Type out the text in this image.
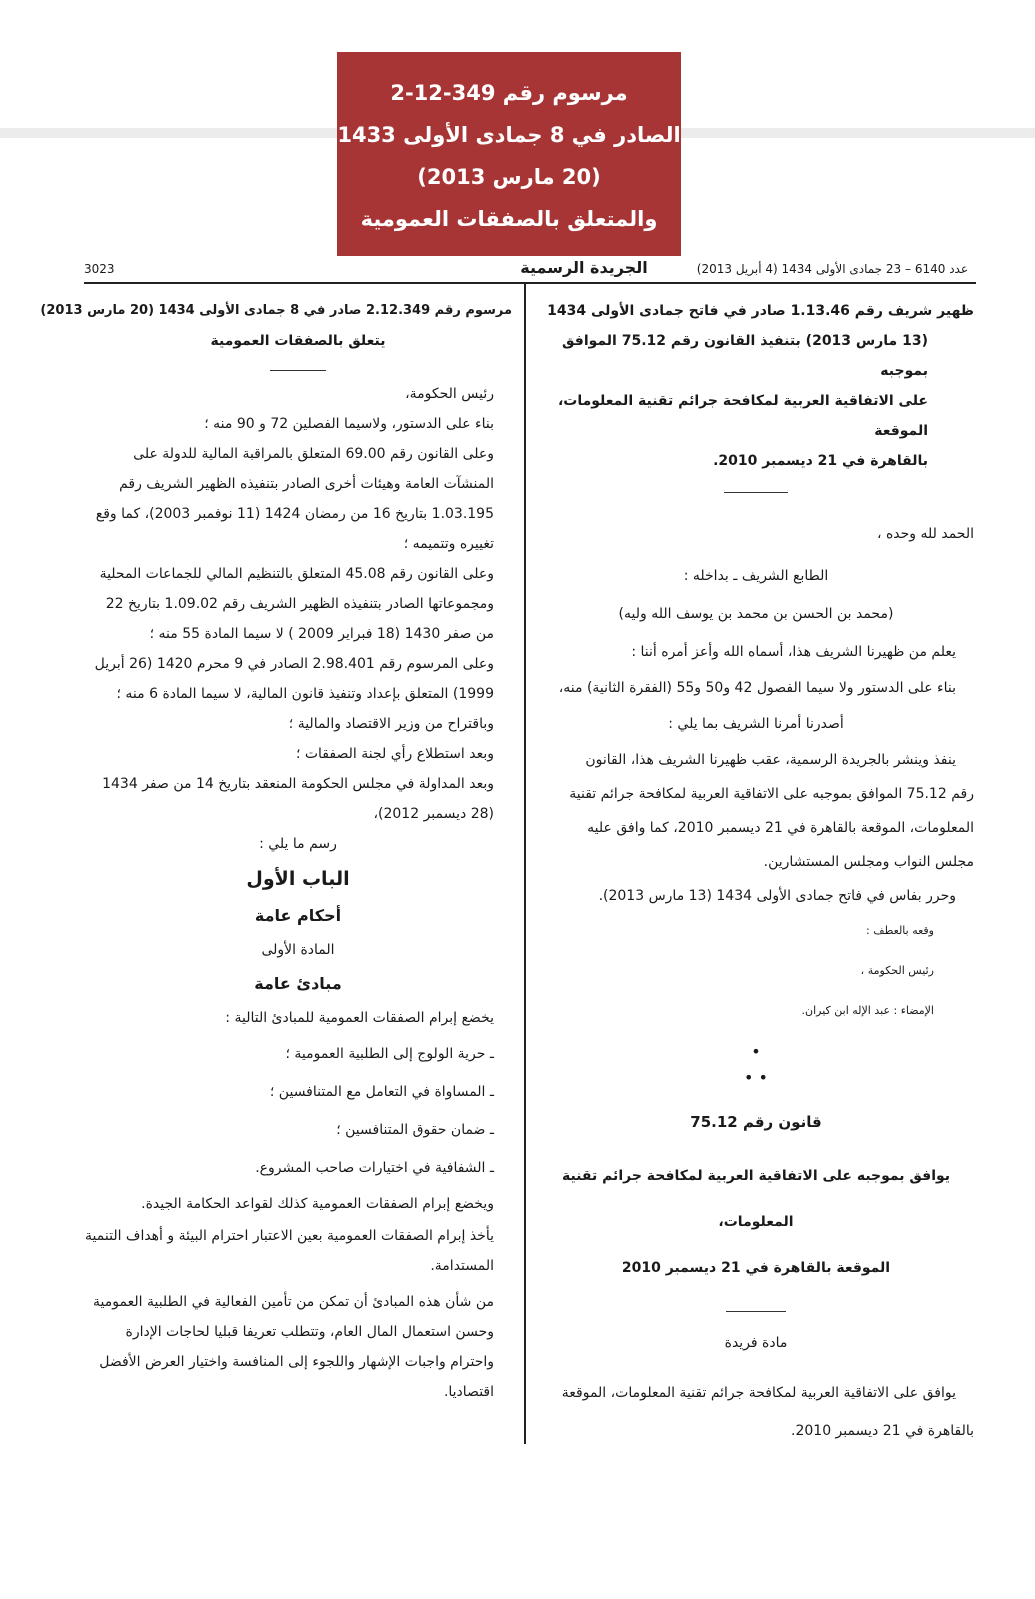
مرسوم رقم 349-12-2
الصادر في 8 جمادى الأولى 1433
(20 مارس 2013)
والمتعلق بالصفقات العمومية
3023	الجريدة الرسمية	عدد 6140 – 23 جمادى الأولى 1434 (4 أبريل 2013)

ظهير شريف رقم 1.13.46 صادر في فاتح جمادى الأولى 1434

(13 مارس 2013) بتنفيذ القانون رقم 75.12 الموافق بموجبه

على الاتفاقية العربية لمكافحة جرائم تقنية المعلومات، الموقعة

بالقاهرة في 21 ديسمبر 2010.

الحمد لله وحده ،

الطابع الشريف ـ بداخله :

(محمد بن الحسن بن محمد بن يوسف الله وليه)

يعلم من ظهيرنا الشريف هذا، أسماه الله وأعز أمره أننا :

بناء على الدستور ولا سيما الفصول 42 و50 و55 (الفقرة الثانية) منه،

أصدرنا أمرنا الشريف بما يلي :

ينفذ وينشر بالجريدة الرسمية، عقب ظهيرنا الشريف هذا، القانون

رقم 75.12 الموافق بموجبه على الاتفاقية العربية لمكافحة جرائم تقنية

المعلومات، الموقعة بالقاهرة في 21 ديسمبر 2010، كما وافق عليه

مجلس النواب ومجلس المستشارين.

وحرر بفاس في فاتح جمادى الأولى 1434 (13 مارس 2013).

وقعه بالعطف :

رئيس الحكومة ،

الإمضاء : عبد الإله ابن كيران.

•
• •

قانون رقم 75.12

يوافق بموجبه على الاتفاقية العربية لمكافحة جرائم تقنية المعلومات،

الموقعة بالقاهرة في 21 ديسمبر 2010

مادة فريدة

يوافق على الاتفاقية العربية لمكافحة جرائم تقنية المعلومات، الموقعة

بالقاهرة في 21 ديسمبر 2010.

مرسوم رقم 2.12.349 صادر في 8 جمادى الأولى 1434 (20 مارس 2013)

يتعلق بالصفقات العمومية

رئيس الحكومة،

بناء على الدستور، ولاسيما الفصلين 72 و 90 منه ؛

وعلى القانون رقم 69.00 المتعلق بالمراقبة المالية للدولة على المنشآت العامة وهيئات أخرى الصادر بتنفيذه الظهير الشريف رقم 1.03.195 بتاريخ 16 من رمضان 1424 (11 نوفمبر 2003)، كما وقع تغييره وتتميمه ؛

وعلى القانون رقم 45.08 المتعلق بالتنظيم المالي للجماعات المحلية ومجموعاتها الصادر بتنفيذه الظهير الشريف رقم 1.09.02 بتاريخ 22 من صفر 1430 (18 فبراير 2009 ) لا سيما المادة 55 منه ؛

وعلى المرسوم رقم 2.98.401 الصادر في 9 محرم 1420 (26 أبريل 1999) المتعلق بإعداد وتنفيذ قانون المالية، لا سيما المادة 6 منه ؛

وباقتراح من وزير الاقتصاد والمالية ؛

وبعد استطلاع رأي لجنة الصفقات ؛

وبعد المداولة في مجلس الحكومة المنعقد بتاريخ 14 من صفر 1434 (28 ديسمبر 2012)،

رسم ما يلي :

الباب الأول

أحكام عامة

المادة الأولى

مبادئ عامة

يخضع إبرام الصفقات العمومية للمبادئ التالية :

ـ حرية الولوج إلى الطلبية العمومية ؛

ـ المساواة في التعامل مع المتنافسين ؛

ـ ضمان حقوق المتنافسين ؛

ـ الشفافية في اختيارات صاحب المشروع.

ويخضع إبرام الصفقات العمومية كذلك لقواعد الحكامة الجيدة.

يأخذ إبرام الصفقات العمومية بعين الاعتبار احترام البيئة و أهداف التنمية المستدامة.

من شأن هذه المبادئ أن تمكن من تأمين الفعالية في الطلبية العمومية وحسن استعمال المال العام، وتتطلب تعريفا قبليا لحاجات الإدارة واحترام واجبات الإشهار واللجوء إلى المنافسة واختيار العرض الأفضل اقتصاديا.
